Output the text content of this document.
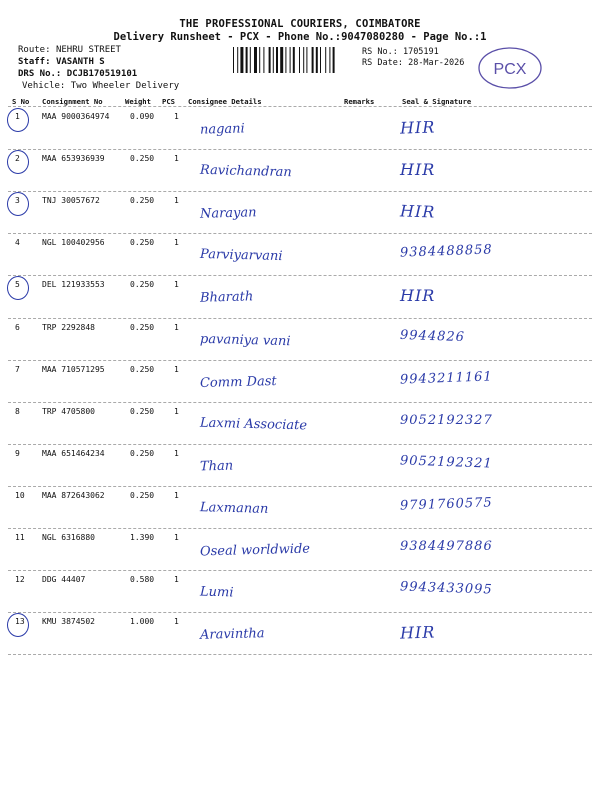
THE PROFESSIONAL COURIERS, COIMBATORE
Delivery Runsheet - PCX - Phone No.:9047080280 - Page No.:1
Route: NEHRU STREET
Staff: VASANTH S
DRS No.: DCJB170519101
Vehicle: Two Wheeler Delivery
RS No.: 1705191
RS Date: 28-Mar-2026 PCX
S No Consignment No	Weight PCS Consignee Details	Remarks	Seal & Signature
1	MAA 9000364974	0.090 1
nagani	HIR
2	MAA 653936939	0.250 1
Ravichandran	HIR
3	TNJ 30057672	0.250 1
Narayan	HIR
4	NGL 100402956	0.250 1
Parviyarvani	9384488858
5	DEL 121933553	0.250 1
Bharath	HIR
6	TRP 2292848	0.250 1
pavaniya vani	9944826
7	MAA 710571295	0.250 1
Comm Dast	9943211161
8	TRP 4705800	0.250 1
Laxmi Associate	9052192327
9	MAA 651464234	0.250 1
Than	9052192321
10 MAA 872643062	0.250 1
Laxmanan	9791760575
11 NGL 6316880	1.390 1
Oseal worldwide	9384497886
12 DDG 44407	0.580 1
Lumi	9943433095
13 KMU 3874502	1.000 1
Aravintha	HIR
